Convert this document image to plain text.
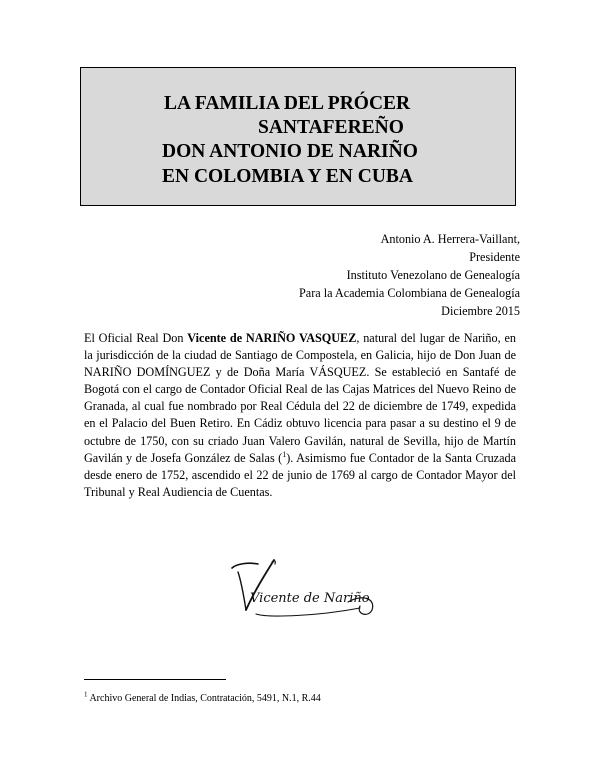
LA FAMILIA DEL PRÓCER
SANTAFEREÑO
DON ANTONIO DE NARIÑO
EN COLOMBIA Y EN CUBA
Antonio A. Herrera-Vaillant,
Presidente
Instituto Venezolano de Genealogía
Para la Academia Colombiana de Genealogía
Diciembre 2015

El Oficial Real Don Vicente de NARIÑO VASQUEZ, natural del lugar de Nariño, en la jurisdicción de la ciudad de Santiago de Compostela, en Galicia, hijo de Don Juan de NARIÑO DOMÍNGUEZ y de Doña María VÁSQUEZ. Se estableció en Santafé de Bogotá con el cargo de Contador Oficial Real de las Cajas Matrices del Nuevo Reino de Granada, al cual fue nombrado por Real Cédula del 22 de diciembre de 1749, expedida en el Palacio del Buen Retiro. En Cádiz obtuvo licencia para pasar a su destino el 9 de octubre de 1750, con su criado Juan Valero Gavilán, natural de Sevilla, hijo de Martín Gavilán y de Josefa González de Salas ($^1$). Asimismo fue Contador de la Santa Cruzada desde enero de 1752, ascendido el 22 de junio de 1769 al cargo de Contador Mayor del Tribunal y Real Audiencia de Cuentas.

Vicente de Nariño
$^1$ Archivo General de Indias, Contratación, 5491, N.1, R.44
